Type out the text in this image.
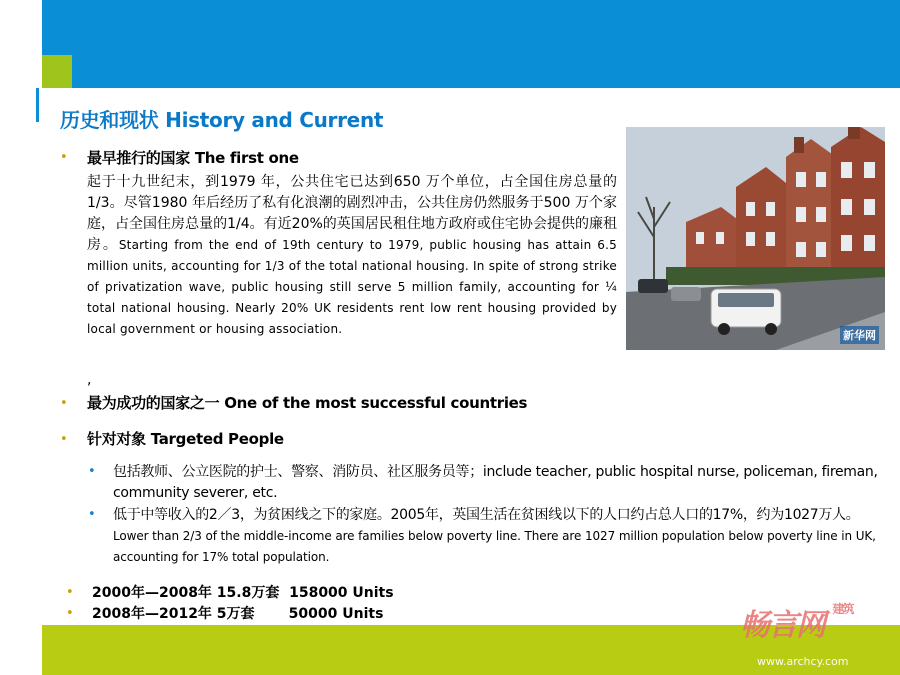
历史和现状 History and Current
• 最早推行的国家 The first one
起于十九世纪末，到1979 年，公共住宅已达到650 万个单位，占全国住房总量的1/3。尽管1980 年后经历了私有化浪潮的剧烈冲击，公共住房仍然服务于500 万个家庭，占全国住房总量的1/4。有近20%的英国居民租住地方政府或住宅协会提供的廉租房。Starting from the end of 19th century to 1979, public housing has attain 6.5 million units, accounting for 1/3 of the total national housing. In spite of strong strike of privatization wave, public housing still serve 5 million family, accounting for ¼ total national housing. Nearly 20% UK residents rent low rent housing provided by local government or housing association.
,
• 最为成功的国家之一 One of the most successful countries
• 针对对象 Targeted People
• 包括教师、公立医院的护士、警察、消防员、社区服务员等；include teacher, public hospital nurse, policeman, fireman, community severer, etc.
• 低于中等收入的2／3，为贫困线之下的家庭。2005年，英国生活在贫困线以下的人口约占总人口的17%，约为1027万人。 Lower than 2/3 of the middle-income are families below poverty line. There are 1027 million population below poverty line in UK, accounting for 17% total population.
• 2000年—2008年 15.8万套  158000 Units
• 2008年—2012年 5万套       50000 Units
新华网
畅言网 $^{建筑}$
www.archcy.com
